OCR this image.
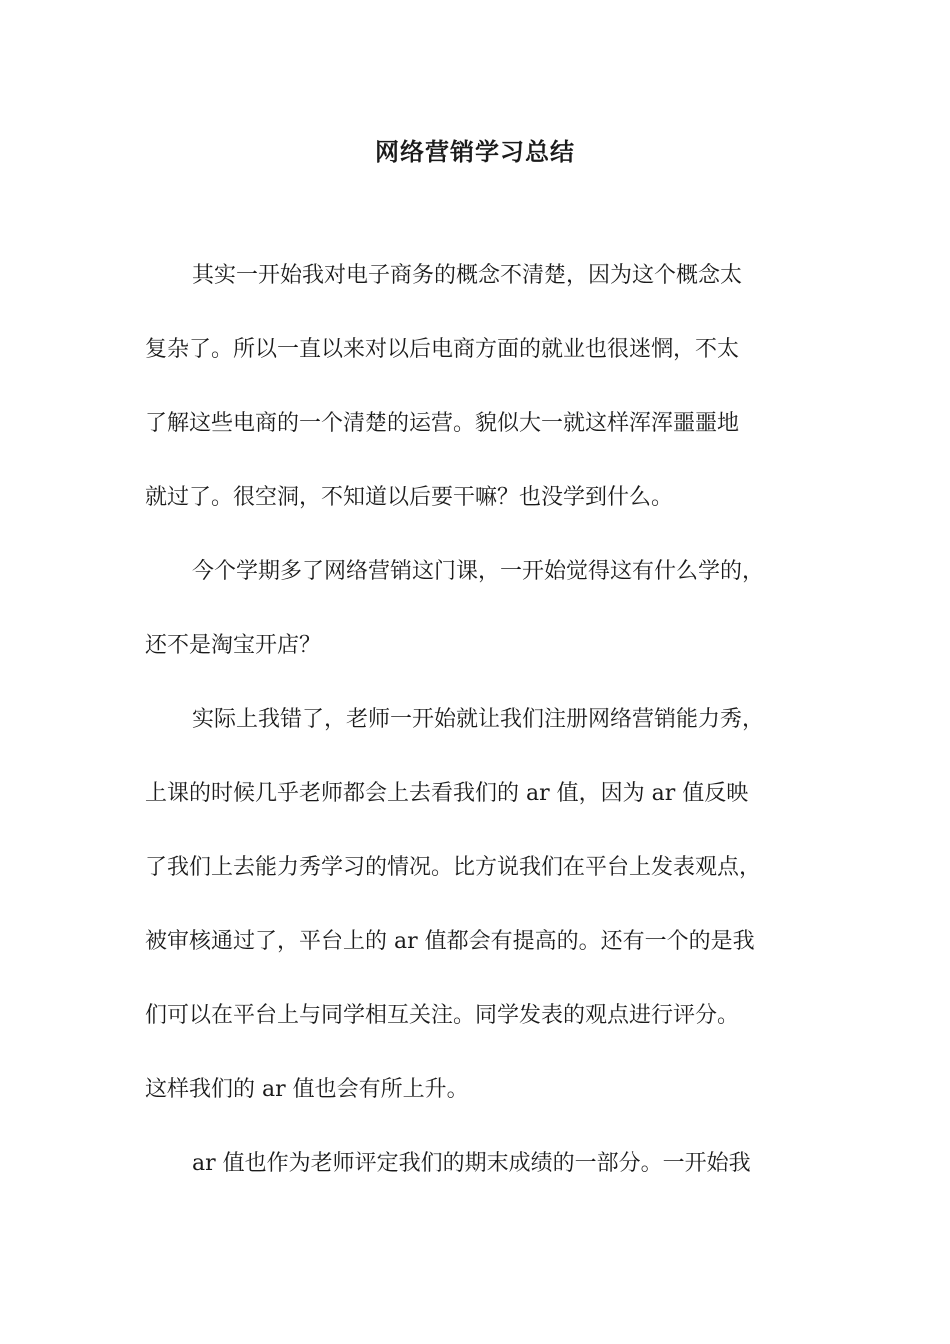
网络营销学习总结
其实一开始我对电子商务的概念不清楚，因为这个概念太
复杂了。所以一直以来对以后电商方面的就业也很迷惘，不太
了解这些电商的一个清楚的运营。貌似大一就这样浑浑噩噩地
就过了。很空洞，不知道以后要干嘛？也没学到什么。
今个学期多了网络营销这门课，一开始觉得这有什么学的，
还不是淘宝开店？
实际上我错了，老师一开始就让我们注册网络营销能力秀，
上课的时候几乎老师都会上去看我们的 ar 值，因为 ar 值反映
了我们上去能力秀学习的情况。比方说我们在平台上发表观点，
被审核通过了，平台上的 ar 值都会有提高的。还有一个的是我
们可以在平台上与同学相互关注。同学发表的观点进行评分。
这样我们的 ar 值也会有所上升。
ar 值也作为老师评定我们的期末成绩的一部分。一开始我
